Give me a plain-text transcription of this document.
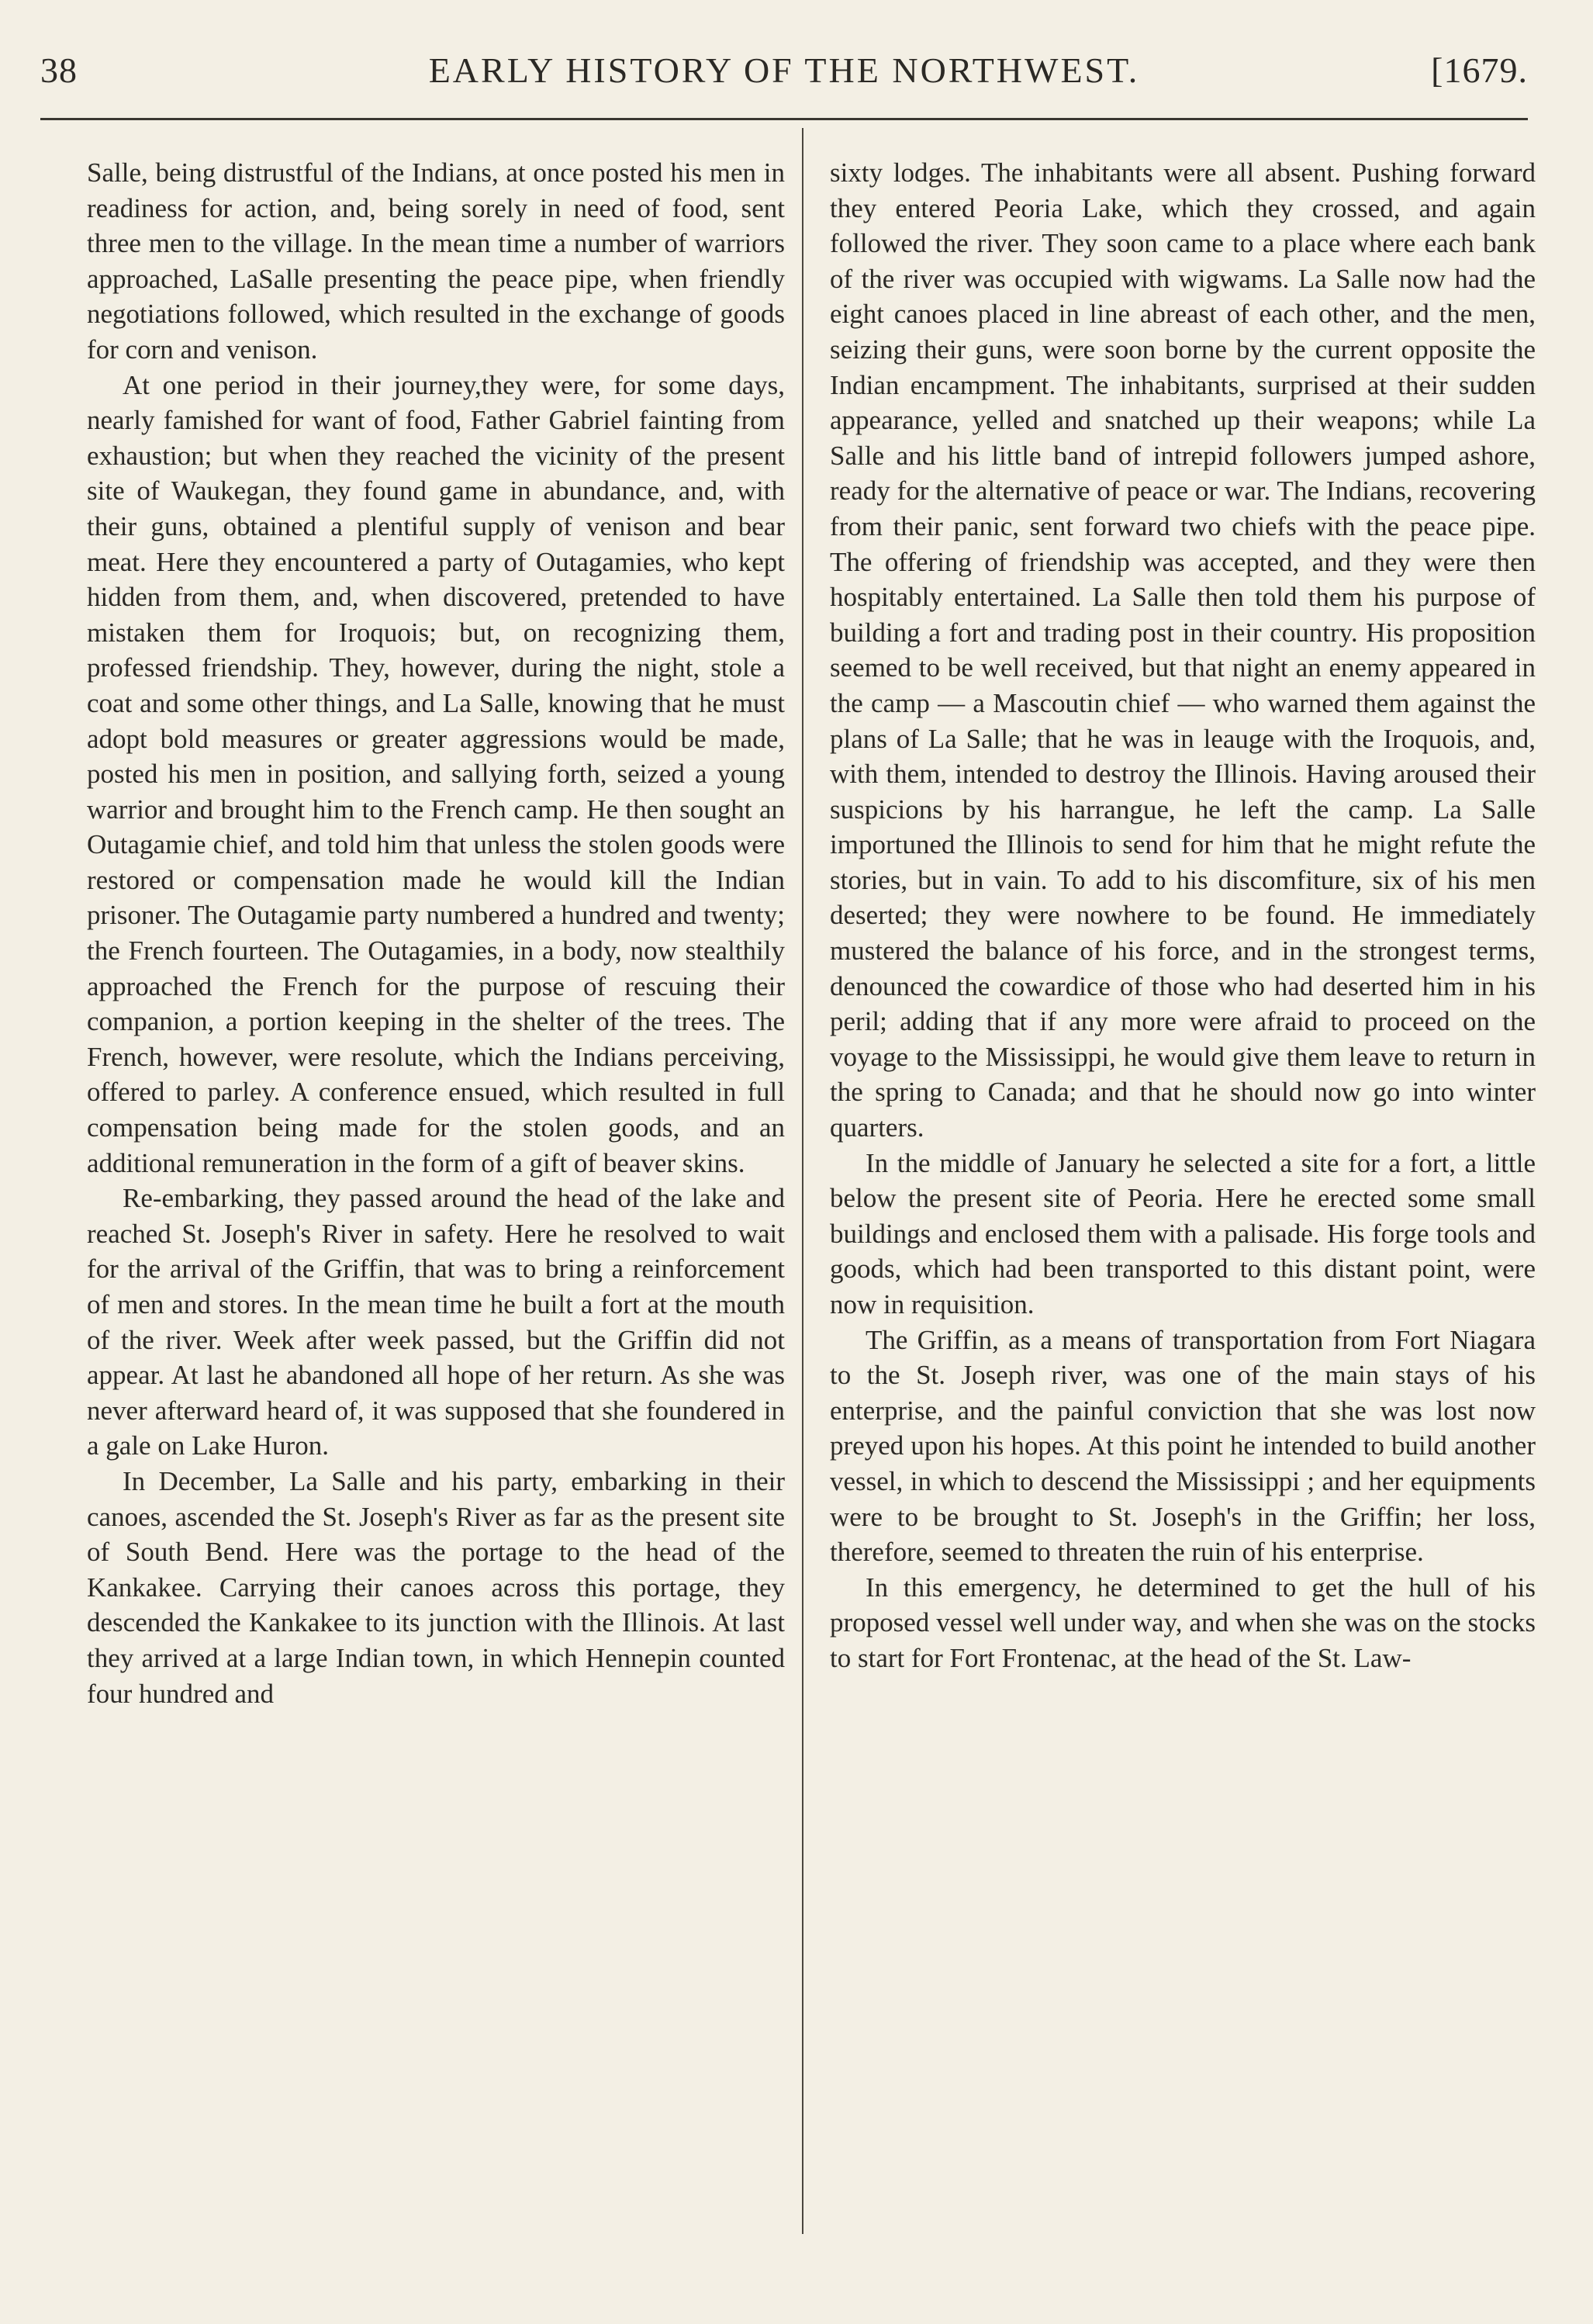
38	EARLY HISTORY OF THE NORTHWEST.	[1679.

Salle, being distrustful of the Indians, at once posted his men in readiness for action, and, being sorely in need of food, sent three men to the village. In the mean time a number of warriors approached, LaSalle presenting the peace pipe, when friendly negotiations followed, which resulted in the exchange of goods for corn and venison.

At one period in their journey,they were, for some days, nearly famished for want of food, Father Gabriel fainting from exhaustion; but when they reached the vicinity of the present site of Waukegan, they found game in abundance, and, with their guns, obtained a plentiful supply of venison and bear meat. Here they encountered a party of Outagamies, who kept hidden from them, and, when discovered, pretended to have mistaken them for Iroquois; but, on recognizing them, professed friendship. They, however, during the night, stole a coat and some other things, and La Salle, knowing that he must adopt bold measures or greater aggressions would be made, posted his men in position, and sallying forth, seized a young warrior and brought him to the French camp. He then sought an Outagamie chief, and told him that unless the stolen goods were restored or compensation made he would kill the Indian prisoner. The Outagamie party numbered a hundred and twenty; the French fourteen. The Outagamies, in a body, now stealthily approached the French for the purpose of rescuing their companion, a portion keeping in the shelter of the trees. The French, however, were resolute, which the Indians perceiving, offered to parley. A conference ensued, which resulted in full compensation being made for the stolen goods, and an additional remuneration in the form of a gift of beaver skins.

Re-embarking, they passed around the head of the lake and reached St. Joseph's River in safety. Here he resolved to wait for the arrival of the Griffin, that was to bring a reinforcement of men and stores. In the mean time he built a fort at the mouth of the river. Week after week passed, but the Griffin did not appear. At last he abandoned all hope of her return. As she was never afterward heard of, it was supposed that she foundered in a gale on Lake Huron.

In December, La Salle and his party, embarking in their canoes, ascended the St. Joseph's River as far as the present site of South Bend. Here was the portage to the head of the Kankakee. Carrying their canoes across this portage, they descended the Kankakee to its junction with the Illinois. At last they arrived at a large Indian town, in which Hennepin counted four hundred and

sixty lodges. The inhabitants were all absent. Pushing forward they entered Peoria Lake, which they crossed, and again followed the river. They soon came to a place where each bank of the river was occupied with wigwams. La Salle now had the eight canoes placed in line abreast of each other, and the men, seizing their guns, were soon borne by the current opposite the Indian encampment. The inhabitants, surprised at their sudden appearance, yelled and snatched up their weapons; while La Salle and his little band of intrepid followers jumped ashore, ready for the alternative of peace or war. The Indians, recovering from their panic, sent forward two chiefs with the peace pipe. The offering of friendship was accepted, and they were then hospitably entertained. La Salle then told them his purpose of building a fort and trading post in their country. His proposition seemed to be well received, but that night an enemy appeared in the camp — a Mascoutin chief — who warned them against the plans of La Salle; that he was in leauge with the Iroquois, and, with them, intended to destroy the Illinois. Having aroused their suspicions by his harrangue, he left the camp. La Salle importuned the Illinois to send for him that he might refute the stories, but in vain. To add to his discomfiture, six of his men deserted; they were nowhere to be found. He immediately mustered the balance of his force, and in the strongest terms, denounced the cowardice of those who had deserted him in his peril; adding that if any more were afraid to proceed on the voyage to the Mississippi, he would give them leave to return in the spring to Canada; and that he should now go into winter quarters.

In the middle of January he selected a site for a fort, a little below the present site of Peoria. Here he erected some small buildings and enclosed them with a palisade. His forge tools and goods, which had been transported to this distant point, were now in requisition.

The Griffin, as a means of transportation from Fort Niagara to the St. Joseph river, was one of the main stays of his enterprise, and the painful conviction that she was lost now preyed upon his hopes. At this point he intended to build another vessel, in which to descend the Mississippi ; and her equipments were to be brought to St. Joseph's in the Griffin; her loss, therefore, seemed to threaten the ruin of his enterprise.

In this emergency, he determined to get the hull of his proposed vessel well under way, and when she was on the stocks to start for Fort Frontenac, at the head of the St. Law-
